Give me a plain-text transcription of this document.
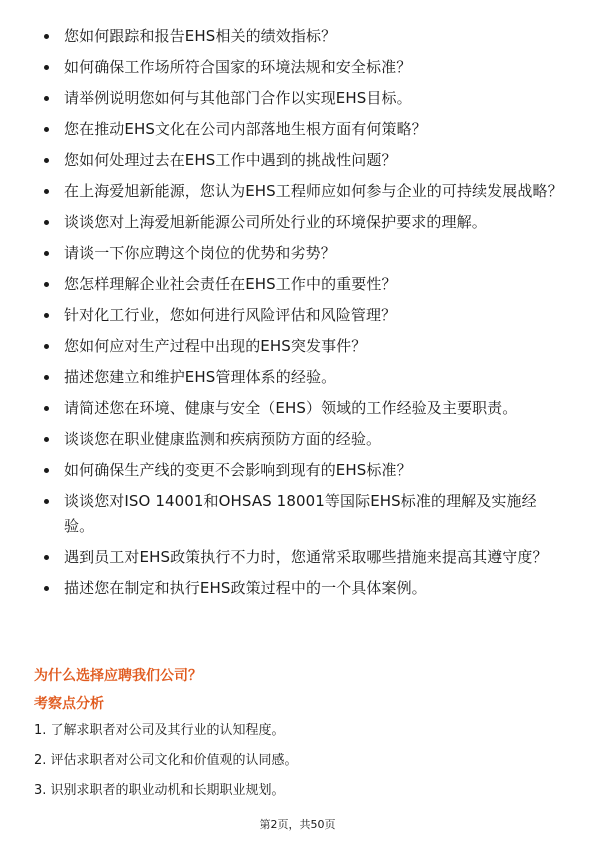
您如何跟踪和报告EHS相关的绩效指标？
如何确保工作场所符合国家的环境法规和安全标准？
请举例说明您如何与其他部门合作以实现EHS目标。
您在推动EHS文化在公司内部落地生根方面有何策略？
您如何处理过去在EHS工作中遇到的挑战性问题？
在上海爱旭新能源，您认为EHS工程师应如何参与企业的可持续发展战略？
谈谈您对上海爱旭新能源公司所处行业的环境保护要求的理解。
请谈一下你应聘这个岗位的优势和劣势？
您怎样理解企业社会责任在EHS工作中的重要性？
针对化工行业，您如何进行风险评估和风险管理？
您如何应对生产过程中出现的EHS突发事件？
描述您建立和维护EHS管理体系的经验。
请简述您在环境、健康与安全（EHS）领域的工作经验及主要职责。
谈谈您在职业健康监测和疾病预防方面的经验。
如何确保生产线的变更不会影响到现有的EHS标准？
谈谈您对ISO 14001和OHSAS 18001等国际EHS标准的理解及实施经验。
遇到员工对EHS政策执行不力时，您通常采取哪些措施来提高其遵守度？
描述您在制定和执行EHS政策过程中的一个具体案例。
为什么选择应聘我们公司？
考察点分析
1. 了解求职者对公司及其行业的认知程度。
2. 评估求职者对公司文化和价值观的认同感。
3. 识别求职者的职业动机和长期职业规划。
第2页，共50页
